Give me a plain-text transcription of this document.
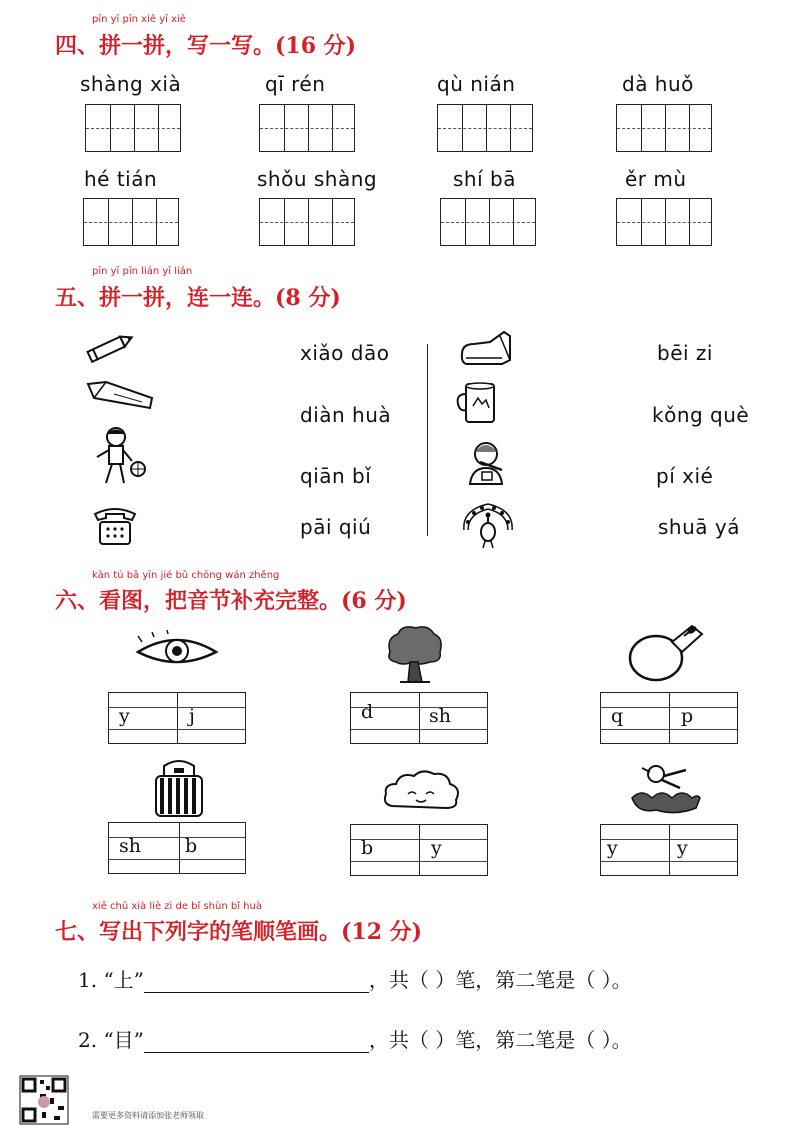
pīn yī pīn xiě yī xiě
四、拼一拼，写一写。(16 分)
shàng xià	qī rén	qù nián	dà huǒ
hé tián	shǒu shàng	shí bā	ěr mù
pīn yī pīn lián yī lián
五、拼一拼，连一连。(8 分)
xiǎo dāo
diàn huà
qiān bǐ
pāi qiú
bēi zi
kǒng què
pí xié
shuā yá
kàn tú bǎ yīn jié bǔ chōng wán zhěng
六、看图，把音节补充完整。(6 分)
y	j	d	sh	q	p
sh b	b	y	y	y
xiě chū xià liè zì de bǐ shùn bǐ huà
七、写出下列字的笔顺笔画。(12 分)
1. “上”	，共（ ）笔，第二笔是（ ）。
2. “目”	，共（ ）笔，第二笔是（ ）。
需要更多资料请添加张老师领取
